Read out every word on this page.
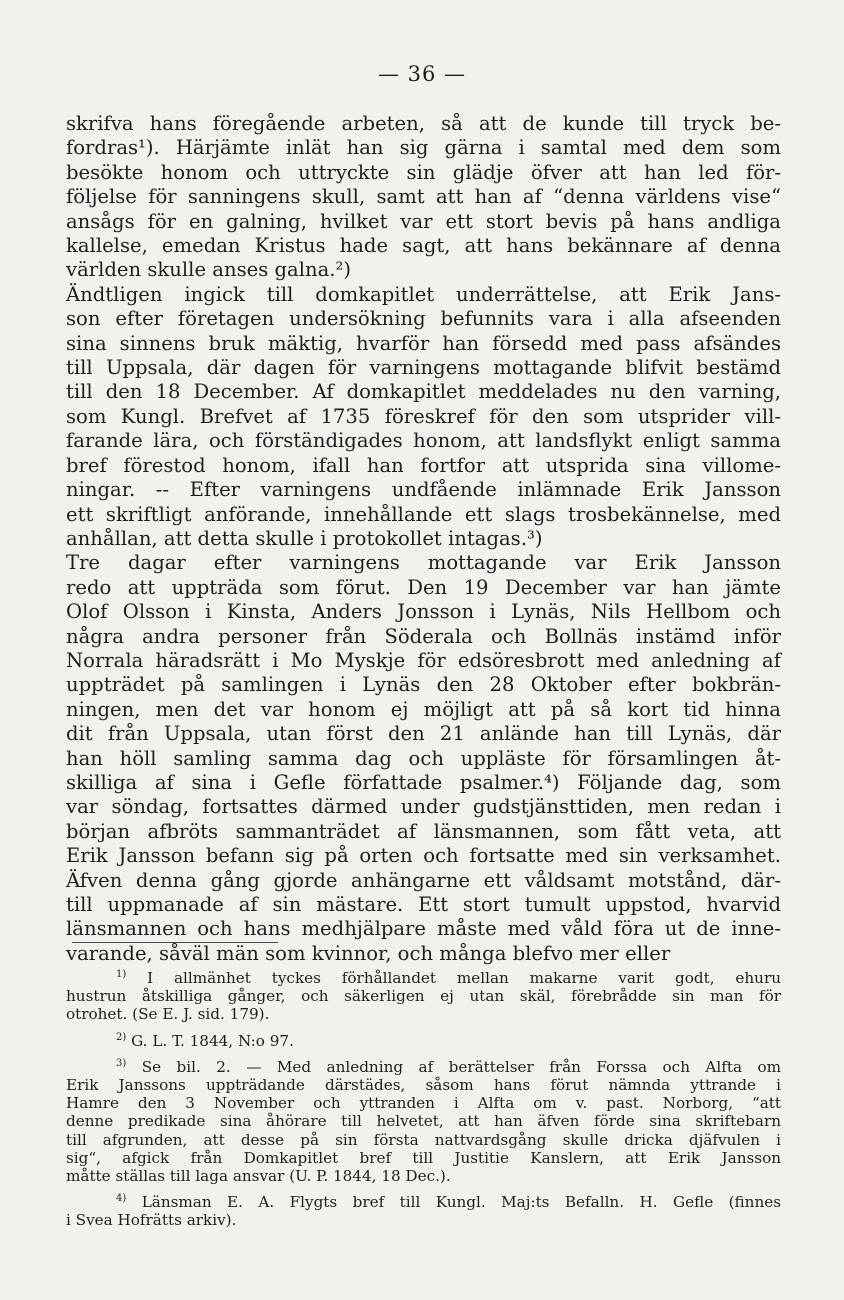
— 36 —
skrifva hans föregående arbeten, så att de kunde till tryck be-
fordras¹). Härjämte inlät han sig gärna i samtal med dem som
besökte honom och uttryckte sin glädje öfver att han led för-
följelse för sanningens skull, samt att han af “denna världens vise“
ansågs för en galning, hvilket var ett stort bevis på hans andliga
kallelse, emedan Kristus hade sagt, att hans bekännare af denna
världen skulle anses galna.²)
Ändtligen ingick till domkapitlet underrättelse, att Erik Jans-
son efter företagen undersökning befunnits vara i alla afseenden
sina sinnens bruk mäktig, hvarför han försedd med pass afsändes
till Uppsala, där dagen för varningens mottagande blifvit bestämd
till den 18 December. Af domkapitlet meddelades nu den varning,
som Kungl. Brefvet af 1735 föreskref för den som utsprider vill-
farande lära, och förständigades honom, att landsflykt enligt samma
bref förestod honom, ifall han fortfor att utsprida sina villome-
ningar. -- Efter varningens undfående inlämnade Erik Jansson
ett skriftligt anförande, innehållande ett slags trosbekännelse, med
anhållan, att detta skulle i protokollet intagas.³)
Tre dagar efter varningens mottagande var Erik Jansson
redo att uppträda som förut. Den 19 December var han jämte
Olof Olsson i Kinsta, Anders Jonsson i Lynäs, Nils Hellbom och
några andra personer från Söderala och Bollnäs instämd inför
Norrala häradsrätt i Mo Myskje för edsöresbrott med anledning af
uppträdet på samlingen i Lynäs den 28 Oktober efter bokbrän-
ningen, men det var honom ej möjligt att på så kort tid hinna
dit från Uppsala, utan först den 21 anlände han till Lynäs, där
han höll samling samma dag och uppläste för församlingen åt-
skilliga af sina i Gefle författade psalmer.⁴) Följande dag, som
var söndag, fortsattes därmed under gudstjänsttiden, men redan i
början afbröts sammanträdet af länsmannen, som fått veta, att
Erik Jansson befann sig på orten och fortsatte med sin verksamhet.
Äfven denna gång gjorde anhängarne ett våldsamt motstånd, där-
till uppmanade af sin mästare. Ett stort tumult uppstod, hvarvid
länsmannen och hans medhjälpare måste med våld föra ut de inne-
varande, såväl män som kvinnor, och många blefvo mer eller
$^{1)}$ I allmänhet tyckes förhållandet mellan makarne varit godt, ehuru
hustrun åtskilliga gånger, och säkerligen ej utan skäl, förebrådde sin man för
otrohet. (Se E. J. sid. 179).
$^{2)}$ G. L. T. 1844, N:o 97.
$^{3)}$ Se bil. 2. — Med anledning af berättelser från Forssa och Alfta om
Erik Janssons uppträdande därstädes, såsom hans förut nämnda yttrande i
Hamre den 3 November och yttranden i Alfta om v. past. Norborg, “att
denne predikade sina åhörare till helvetet, att han äfven förde sina skriftebarn
till afgrunden, att desse på sin första nattvardsgång skulle dricka djäfvulen i
sig“, afgick från Domkapitlet bref till Justitie Kanslern, att Erik Jansson
måtte ställas till laga ansvar (U. P. 1844, 18 Dec.).
$^{4)}$ Länsman E. A. Flygts bref till Kungl. Maj:ts Befalln. H. Gefle (finnes
i Svea Hofrätts arkiv).
